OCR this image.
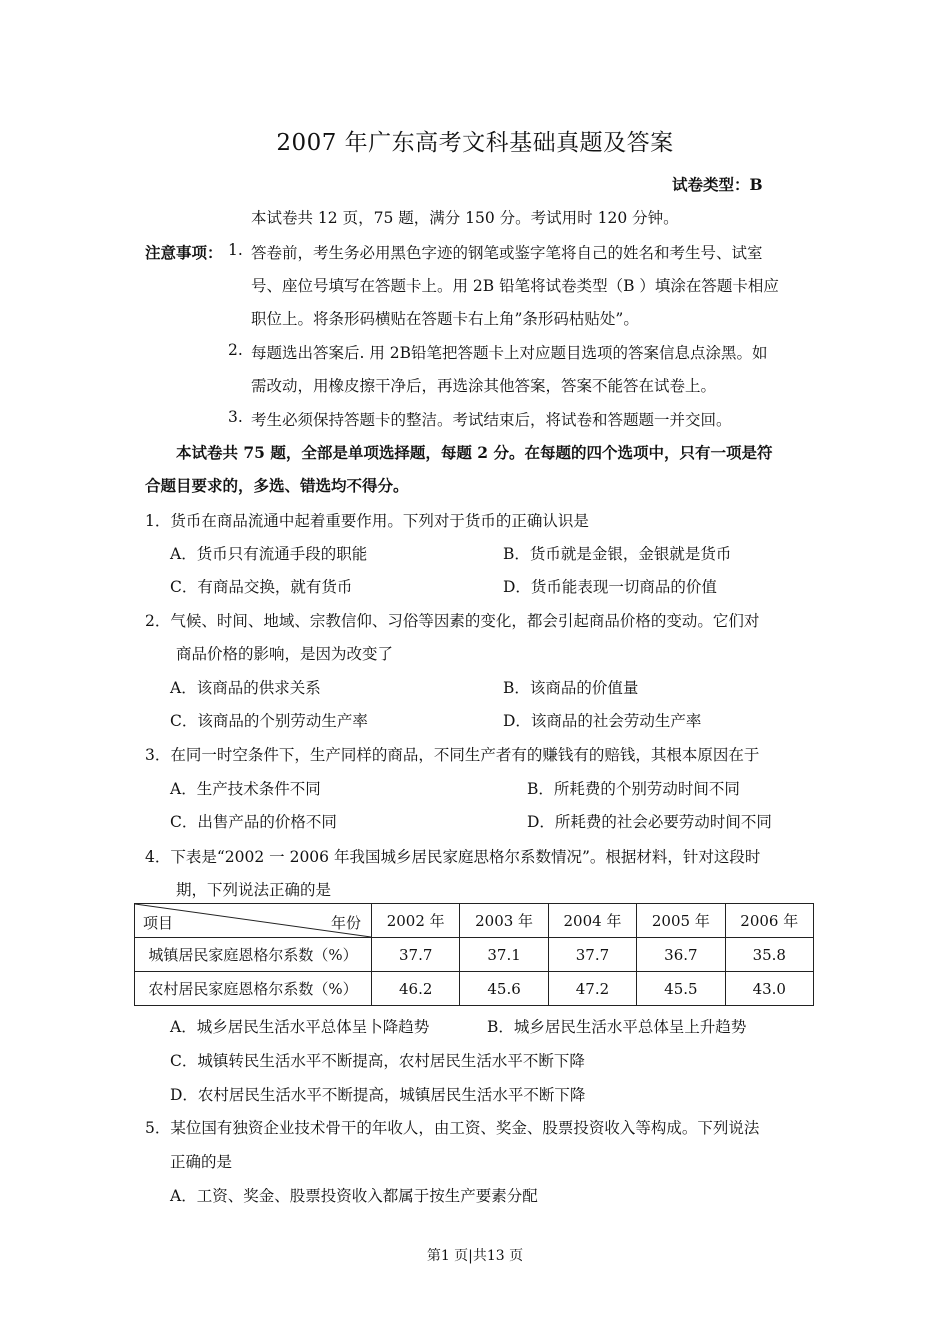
2007 年广东高考文科基础真题及答案
试卷类型：B
本试卷共 12 页，75 题，满分 150 分。考试用时 120 分钟。
注意事项： 1. 答卷前，考生务必用黑色字迹的钢笔或鉴字笔将自己的姓名和考生号、试室
号、座位号填写在答题卡上。用 2B 铅笔将试卷类型（B ）填涂在答题卡相应
职位上。将条形码横贴在答题卡右上角”条形码枯贴处”。
2. 每题选出答案后. 用 2B铅笔把答题卡上对应题目选项的答案信息点涂黑。如
需改动，用橡皮擦干净后，再选涂其他答案，答案不能答在试卷上。
3. 考生必须保持答题卡的整洁。考试结束后，将试卷和答题题一并交回。
本试卷共 75 题，全部是单项选择题，每题 2 分。在每题的四个选项中，只有一项是符
合题目要求的，多选、错选均不得分。
1．货币在商品流通中起着重要作用。下列对于货币的正确认识是
A．货币只有流通手段的职能	B．货币就是金银，金银就是货币
C．有商品交换，就有货币	D．货币能表现一切商品的价值
2．气候、时间、地域、宗教信仰、习俗等因素的变化，都会引起商品价格的变动。它们对
商品价格的影响，是因为改变了
A．该商品的供求关系	B．该商品的价值量
C．该商品的个别劳动生产率	D．该商品的社会劳动生产率
3．在同一时空条件下，生产同样的商品，不同生产者有的赚钱有的赔钱，其根本原因在于
A．生产技术条件不同	B．所耗费的个别劳动时间不同
C．出售产品的价格不同	D．所耗费的社会必要劳动时间不同
4．下表是“2002 一 2006 年我国城乡居民家庭思格尔系数情况”。根据材料，针对这段时
期，下列说法正确的是
项目 年份	2002 年	2003 年	2004 年	2005 年	2006 年
城镇居民家庭恩格尔系数（%）	37.7	37.1	37.7	36.7	35.8
农村居民家庭恩格尔系数（%）	46.2	45.6	47.2	45.5	43.0
A．城乡居民生活水平总体呈卜降趋势	B．城乡居民生活水平总体呈上升趋势
C．城镇转民生活水平不断提高，农村居民生活水平不断下降
D．农村居民生活水平不断提高，城镇居民生活水平不断下降
5．某位国有独资企业技术骨干的年收人，由工资、奖金、股票投资收入等构成。下列说法
正确的是
A．工资、奖金、股票投资收入都属于按生产要素分配
第1 页|共13 页
